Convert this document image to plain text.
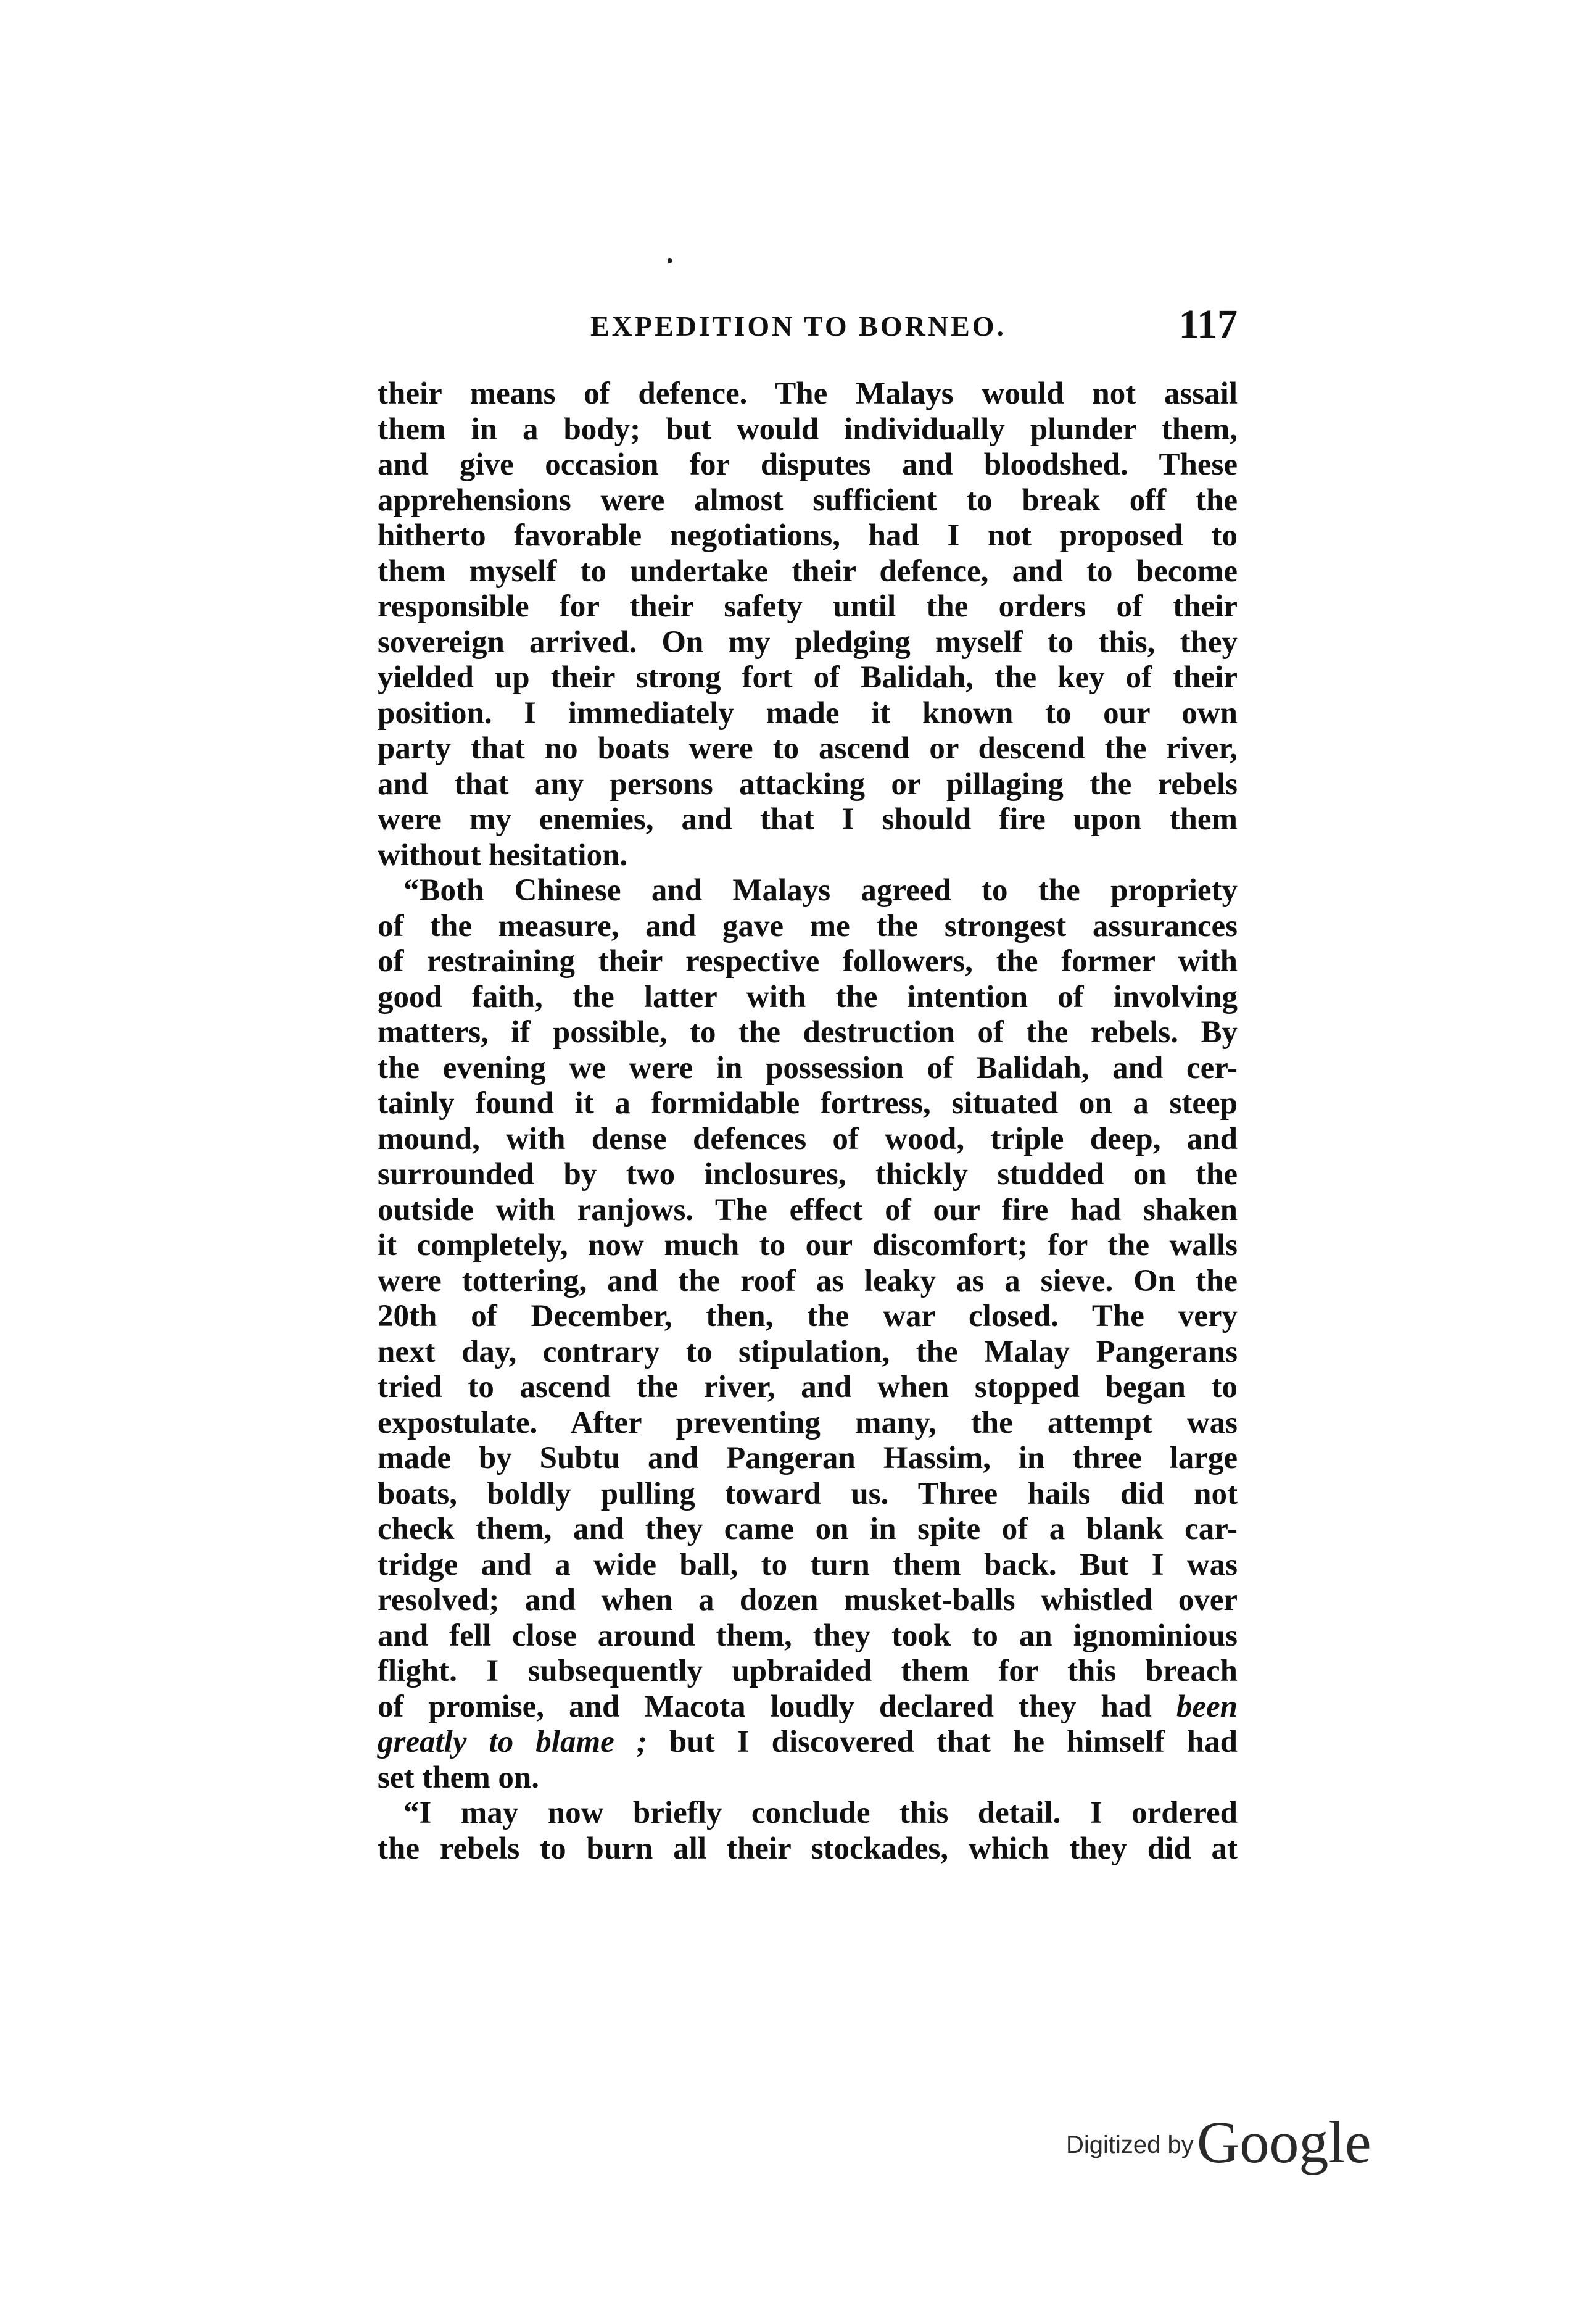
EXPEDITION TO BORNEO.	117
their means of defence. The Malays would not assail
them in a body; but would individually plunder them,
and give occasion for disputes and bloodshed. These
apprehensions were almost sufficient to break off the
hitherto favorable negotiations, had I not proposed to
them myself to undertake their defence, and to become
responsible for their safety until the orders of their
sovereign arrived. On my pledging myself to this, they
yielded up their strong fort of Balidah, the key of their
position. I immediately made it known to our own
party that no boats were to ascend or descend the river,
and that any persons attacking or pillaging the rebels
were my enemies, and that I should fire upon them
without hesitation.
“Both Chinese and Malays agreed to the propriety
of the measure, and gave me the strongest assurances
of restraining their respective followers, the former with
good faith, the latter with the intention of involving
matters, if possible, to the destruction of the rebels. By
the evening we were in possession of Balidah, and cer-
tainly found it a formidable fortress, situated on a steep
mound, with dense defences of wood, triple deep, and
surrounded by two inclosures, thickly studded on the
outside with ranjows. The effect of our fire had shaken
it completely, now much to our discomfort; for the walls
were tottering, and the roof as leaky as a sieve. On the
20th of December, then, the war closed. The very
next day, contrary to stipulation, the Malay Pangerans
tried to ascend the river, and when stopped began to
expostulate. After preventing many, the attempt was
made by Subtu and Pangeran Hassim, in three large
boats, boldly pulling toward us. Three hails did not
check them, and they came on in spite of a blank car-
tridge and a wide ball, to turn them back. But I was
resolved; and when a dozen musket-balls whistled over
and fell close around them, they took to an ignominious
flight. I subsequently upbraided them for this breach
of promise, and Macota loudly declared they had been
greatly to blame ; but I discovered that he himself had
set them on.
“I may now briefly conclude this detail. I ordered
the rebels to burn all their stockades, which they did at
Digitized by Google
